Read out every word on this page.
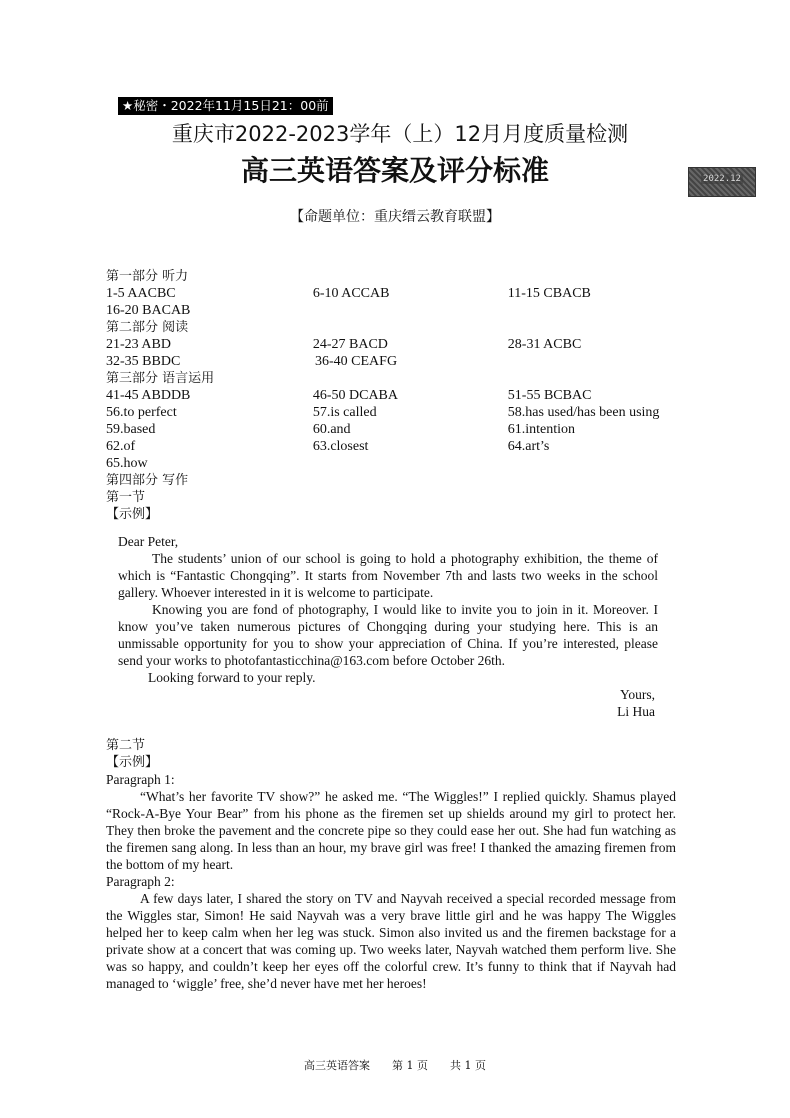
★秘密・2022年11月15日21：00前
重庆市2022-2023学年（上）12月月度质量检测
高三英语答案及评分标准	2022.12
【命题单位：重庆缙云教育联盟】
第一部分 听力
1-5 AACBC	6-10 ACCAB	11-15 CBACB
16-20 BACAB
第二部分 阅读
21-23 ABD	24-27 BACD	28-31 ACBC
32-35 BBDC	36-40 CEAFG
第三部分 语言运用
41-45 ABDDB	46-50 DCABA	51-55 BCBAC
56.to perfect	57.is called	58.has used/has been using
59.based	60.and	61.intention
62.of	63.closest	64.art’s
65.how
第四部分 写作
第一节
【示例】
Dear Peter,

The students’ union of our school is going to hold a photography exhibition, the theme of which is “Fantastic Chongqing”. It starts from November 7th and lasts two weeks in the school gallery. Whoever interested in it is welcome to participate.

Knowing you are fond of photography, I would like to invite you to join in it. Moreover. I know you’ve taken numerous pictures of Chongqing during your studying here. This is an unmissable opportunity for you to show your appreciation of China. If you’re interested, please send your works to photofantasticchina@163.com before October 26th.

Looking forward to your reply.
Yours,
Li Hua
第二节
【示例】
Paragraph 1:

“What’s her favorite TV show?” he asked me. “The Wiggles!” I replied quickly. Shamus played “Rock-A-Bye Your Bear” from his phone as the firemen set up shields around my girl to protect her. They then broke the pavement and the concrete pipe so they could ease her out. She had fun watching as the firemen sang along. In less than an hour, my brave girl was free! I thanked the amazing firemen from the bottom of my heart.

Paragraph 2:

A few days later, I shared the story on TV and Nayvah received a special recorded message from the Wiggles star, Simon! He said Nayvah was a very brave little girl and he was happy The Wiggles helped her to keep calm when her leg was stuck. Simon also invited us and the firemen backstage for a private show at a concert that was coming up. Two weeks later, Nayvah watched them perform live. She was so happy, and couldn’t keep her eyes off the colorful crew. It’s funny to think that if Nayvah had managed to ‘wiggle’ free, she’d never have met her heroes!

高三英语答案　　第 1 页　　共 1 页
